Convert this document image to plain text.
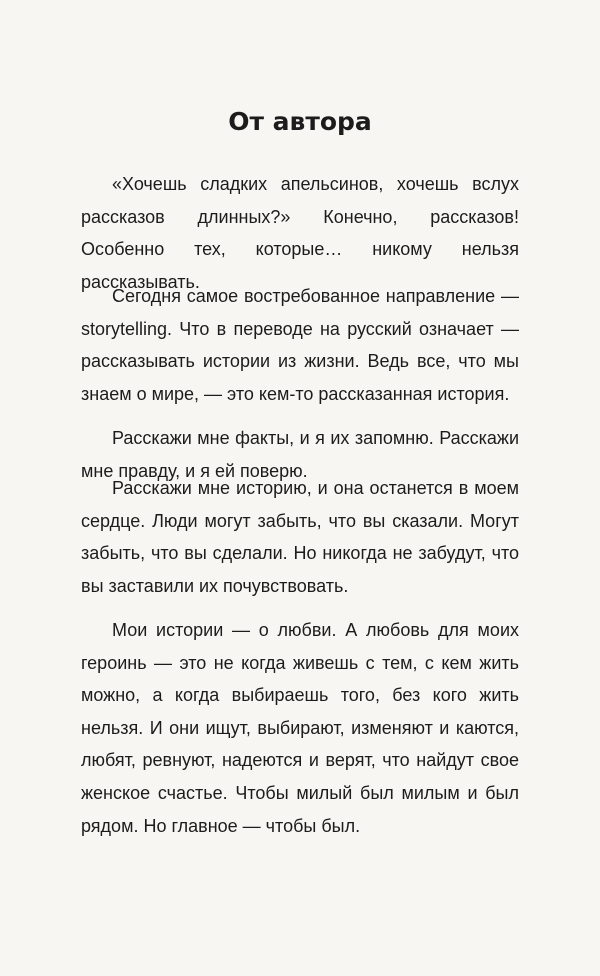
От автора

«Хочешь сладких апельсинов, хочешь вслух рассказов длинных?» Конечно, рассказов! Особенно тех, которые… никому нельзя рассказывать.

Сегодня самое востребованное направление — storytelling. Что в переводе на русский означает — рассказывать истории из жизни. Ведь все, что мы знаем о мире, — это кем-то рассказанная история.

Расскажи мне факты, и я их запомню. Расскажи мне правду, и я ей поверю.

Расскажи мне историю, и она останется в моем сердце. Люди могут забыть, что вы сказали. Могут забыть, что вы сделали. Но никогда не забудут, что вы заставили их почувствовать.

Мои истории — о любви. А любовь для моих героинь — это не когда живешь с тем, с кем жить можно, а когда выбираешь того, без кого жить нельзя. И они ищут, выбирают, изменяют и каются, любят, ревнуют, надеются и верят, что найдут свое женское счастье. Чтобы милый был милым и был рядом. Но главное — чтобы был.
